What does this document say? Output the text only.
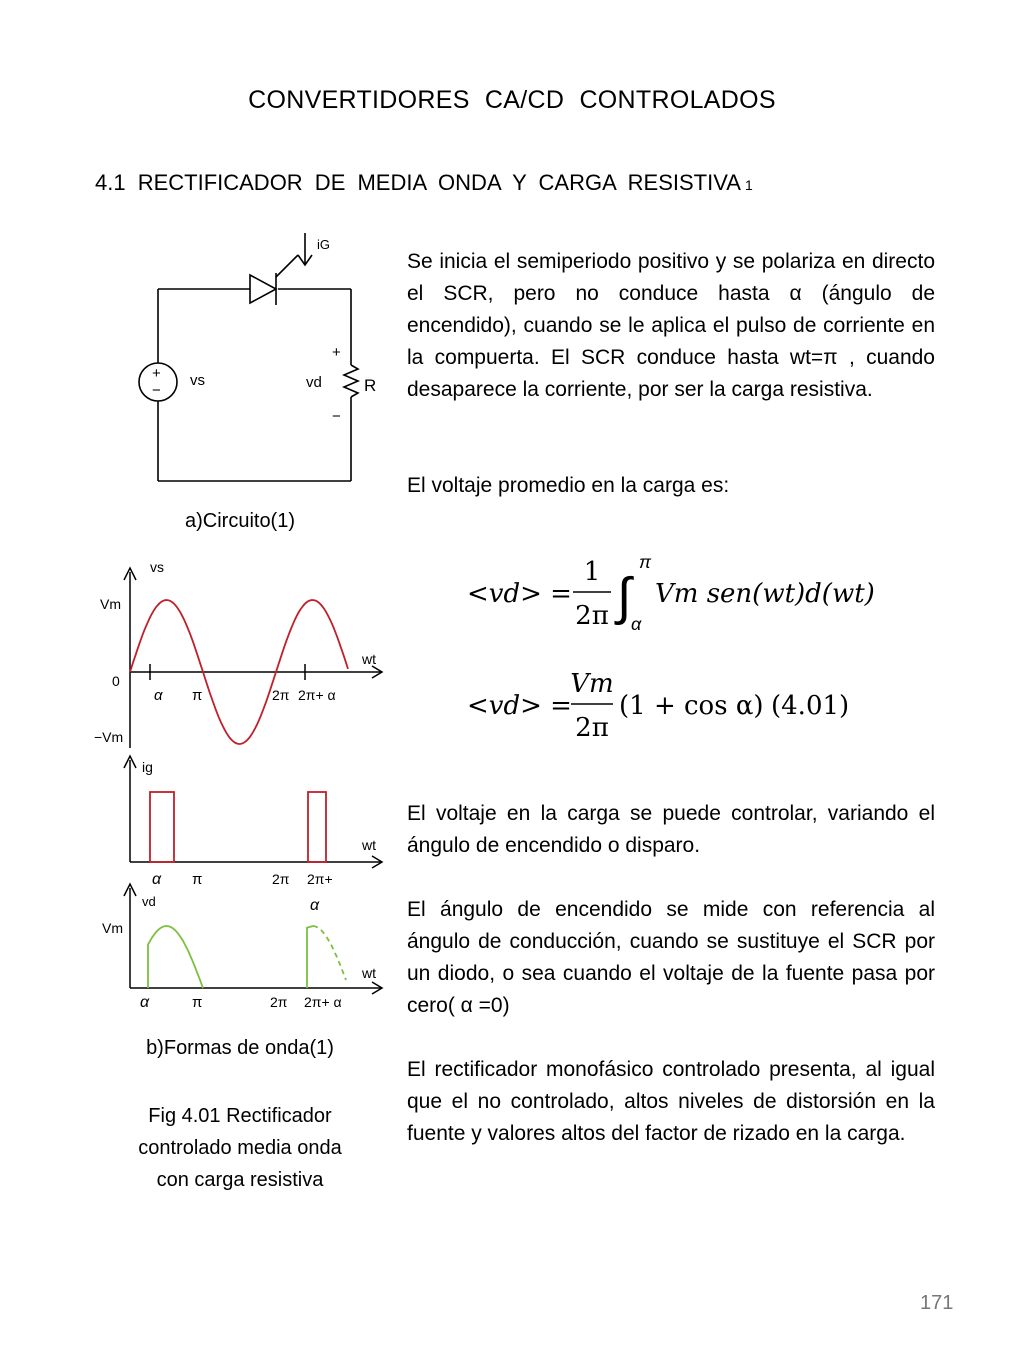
CONVERTIDORES CA/CD CONTROLADOS
4.1 RECTIFICADOR DE MEDIA ONDA Y CARGA RESISTIVA 1
iG
+
−
vs	vd
+
−
R
a)Circuito(1)
vs
Vm
0
−Vm
wt
α π	2π 2π+ α
ig
wt
α π	2π 2π+
α
vd
Vm
wt
α	π	2π 2π+ α
b)Formas de onda(1)
Fig 4.01 Rectificador
controlado media onda
con carga resistiva

Se inicia el semiperiodo positivo y se polariza en directo el SCR, pero no conduce hasta α (ángulo de encendido), cuando se le aplica el pulso de corriente en la compuerta. El SCR conduce hasta wt=π , cuando desaparece la corriente, por ser la carga resistiva.

El voltaje promedio en la carga es:

<vd> =
1
2π ∫
π
α
Vm sen(wt)d(wt)
<vd> =
Vm
2π
(1 + cos α) (4.01)

El voltaje en la carga se puede controlar, variando el ángulo de encendido o disparo.

El ángulo de encendido se mide con referencia al ángulo de conducción, cuando se sustituye el SCR por un diodo, o sea cuando el voltaje de la fuente pasa por cero( α =0)

El rectificador monofásico controlado presenta, al igual que el no controlado, altos niveles de distorsión en la fuente y valores altos del factor de rizado en la carga.

171
